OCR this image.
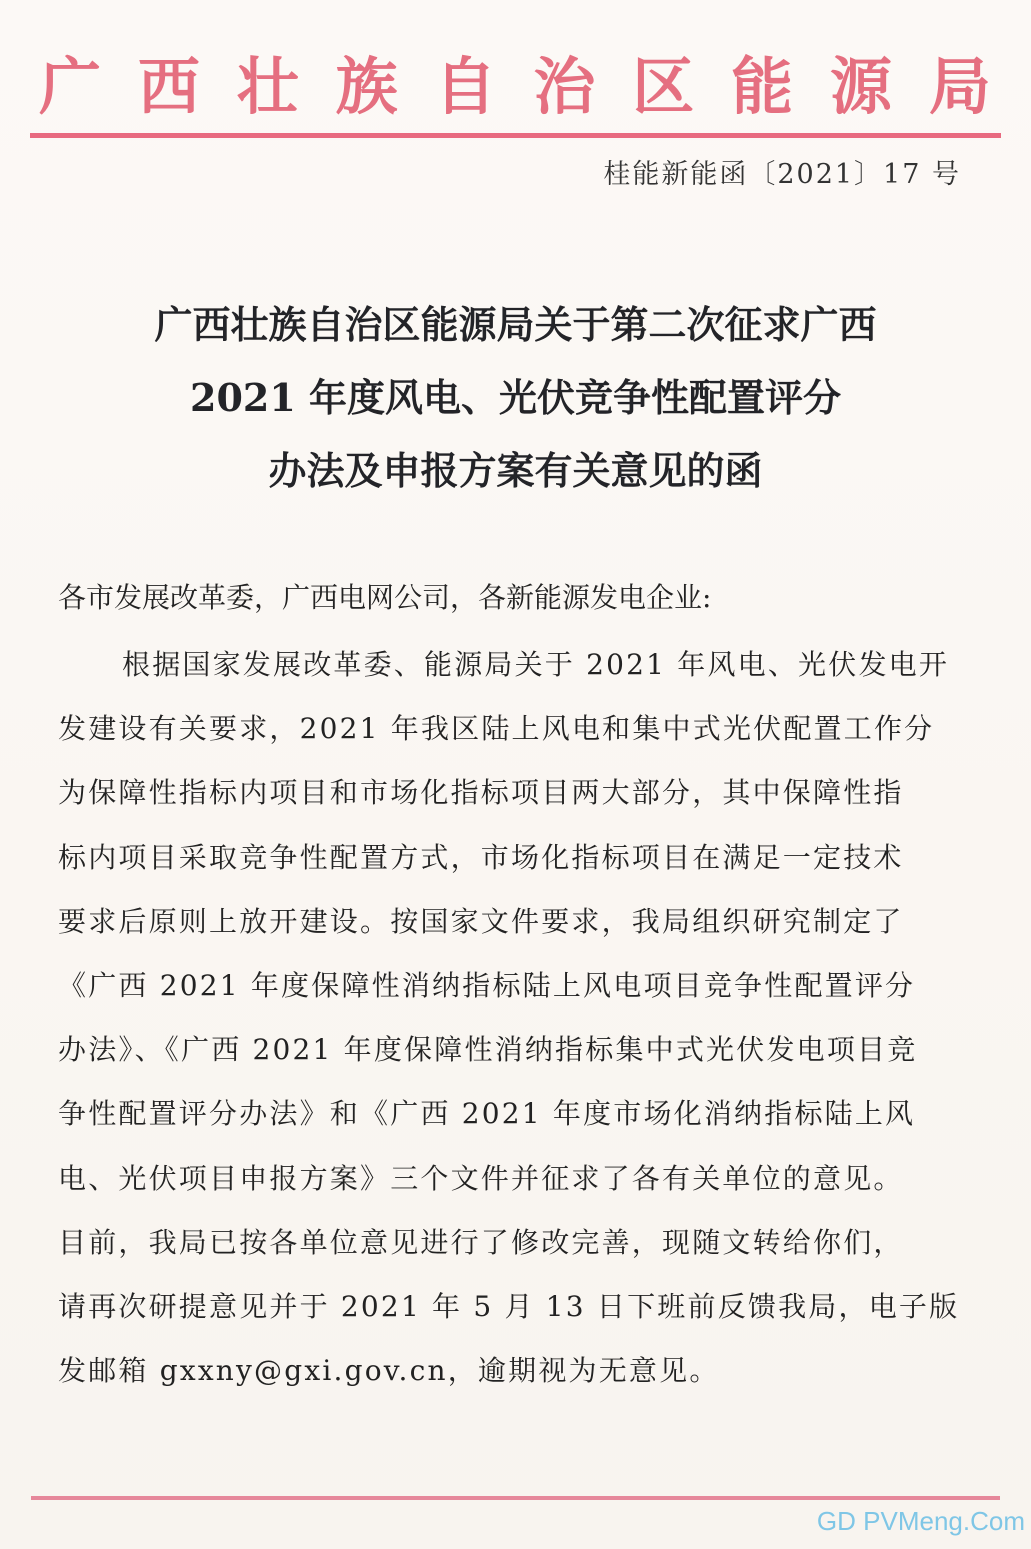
广 西 壮 族 自 治 区 能 源 局
桂能新能函〔2021〕17 号
广西壮族自治区能源局关于第二次征求广西
2021 年度风电、光伏竞争性配置评分
办法及申报方案有关意见的函
各市发展改革委，广西电网公司，各新能源发电企业:
根据国家发展改革委、能源局关于 2021 年风电、光伏发电开
发建设有关要求，2021 年我区陆上风电和集中式光伏配置工作分
为保障性指标内项目和市场化指标项目两大部分，其中保障性指
标内项目采取竞争性配置方式，市场化指标项目在满足一定技术
要求后原则上放开建设。按国家文件要求，我局组织研究制定了
《广西 2021 年度保障性消纳指标陆上风电项目竞争性配置评分
办法》、《广西 2021 年度保障性消纳指标集中式光伏发电项目竞
争性配置评分办法》和《广西 2021 年度市场化消纳指标陆上风
电、光伏项目申报方案》三个文件并征求了各有关单位的意见。
目前，我局已按各单位意见进行了修改完善，现随文转给你们，
请再次研提意见并于 2021 年 5 月 13 日下班前反馈我局，电子版
发邮箱 gxxny@gxi.gov.cn，逾期视为无意见。
GD PVMeng.Com
